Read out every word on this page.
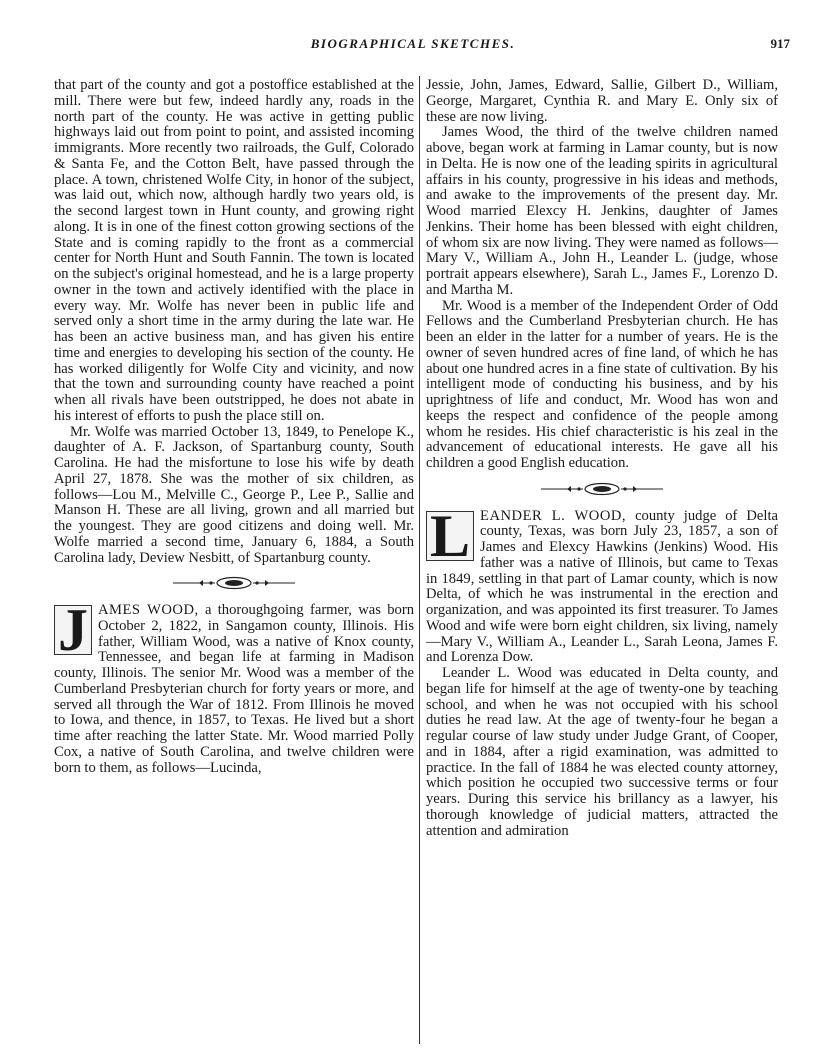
BIOGRAPHICAL SKETCHES.	917

that part of the county and got a postoffice established at the mill. There were but few, indeed hardly any, roads in the north part of the county. He was active in getting public highways laid out from point to point, and assisted incoming immigrants. More recently two railroads, the Gulf, Colorado & Santa Fe, and the Cotton Belt, have passed through the place. A town, christened Wolfe City, in honor of the subject, was laid out, which now, although hardly two years old, is the second largest town in Hunt county, and growing right along. It is in one of the finest cotton growing sections of the State and is coming rapidly to the front as a commercial center for North Hunt and South Fannin. The town is located on the subject's original homestead, and he is a large property owner in the town and actively identified with the place in every way. Mr. Wolfe has never been in public life and served only a short time in the army during the late war. He has been an active business man, and has given his entire time and energies to developing his section of the county. He has worked diligently for Wolfe City and vicinity, and now that the town and surrounding county have reached a point when all rivals have been outstripped, he does not abate in his interest of efforts to push the place still on.

Mr. Wolfe was married October 13, 1849, to Penelope K., daughter of A. F. Jackson, of Spartanburg county, South Carolina. He had the misfortune to lose his wife by death April 27, 1878. She was the mother of six children, as follows—Lou M., Melville C., George P., Lee P., Sallie and Manson H. These are all living, grown and all married but the youngest. They are good citizens and doing well. Mr. Wolfe married a second time, January 6, 1884, a South Carolina lady, Deview Nesbitt, of Spartanburg county.

J AMES WOOD, a thoroughgoing farmer, was born October 2, 1822, in Sangamon county, Illinois. His father, William Wood, was a native of Knox county, Tennessee, and began life at farming in Madison county, Illinois. The senior Mr. Wood was a member of the Cumberland Presbyterian church for forty years or more, and served all through the War of 1812. From Illinois he moved to Iowa, and thence, in 1857, to Texas. He lived but a short time after reaching the latter State. Mr. Wood married Polly Cox, a native of South Carolina, and twelve children were born to them, as follows—Lucinda,

Jessie, John, James, Edward, Sallie, Gilbert D., William, George, Margaret, Cynthia R. and Mary E. Only six of these are now living.

James Wood, the third of the twelve children named above, began work at farming in Lamar county, but is now in Delta. He is now one of the leading spirits in agricultural affairs in his county, progressive in his ideas and methods, and awake to the improvements of the present day. Mr. Wood married Elexcy H. Jenkins, daughter of James Jenkins. Their home has been blessed with eight children, of whom six are now living. They were named as follows—Mary V., William A., John H., Leander L. (judge, whose portrait appears elsewhere), Sarah L., James F., Lorenzo D. and Martha M.

Mr. Wood is a member of the Independent Order of Odd Fellows and the Cumberland Presbyterian church. He has been an elder in the latter for a number of years. He is the owner of seven hundred acres of fine land, of which he has about one hundred acres in a fine state of cultivation. By his intelligent mode of conducting his business, and by his uprightness of life and conduct, Mr. Wood has won and keeps the respect and confidence of the people among whom he resides. His chief characteristic is his zeal in the advancement of educational interests. He gave all his children a good English education.

L EANDER L. WOOD, county judge of Delta county, Texas, was born July 23, 1857, a son of James and Elexcy Hawkins (Jenkins) Wood. His father was a native of Illinois, but came to Texas in 1849, settling in that part of Lamar county, which is now Delta, of which he was instrumental in the erection and organization, and was appointed its first treasurer. To James Wood and wife were born eight children, six living, namely —Mary V., William A., Leander L., Sarah Leona, James F. and Lorenza Dow.

Leander L. Wood was educated in Delta county, and began life for himself at the age of twenty-one by teaching school, and when he was not occupied with his school duties he read law. At the age of twenty-four he began a regular course of law study under Judge Grant, of Cooper, and in 1884, after a rigid examination, was admitted to practice. In the fall of 1884 he was elected county attorney, which position he occupied two successive terms or four years. During this service his brillancy as a lawyer, his thorough knowledge of judicial matters, attracted the attention and admiration
